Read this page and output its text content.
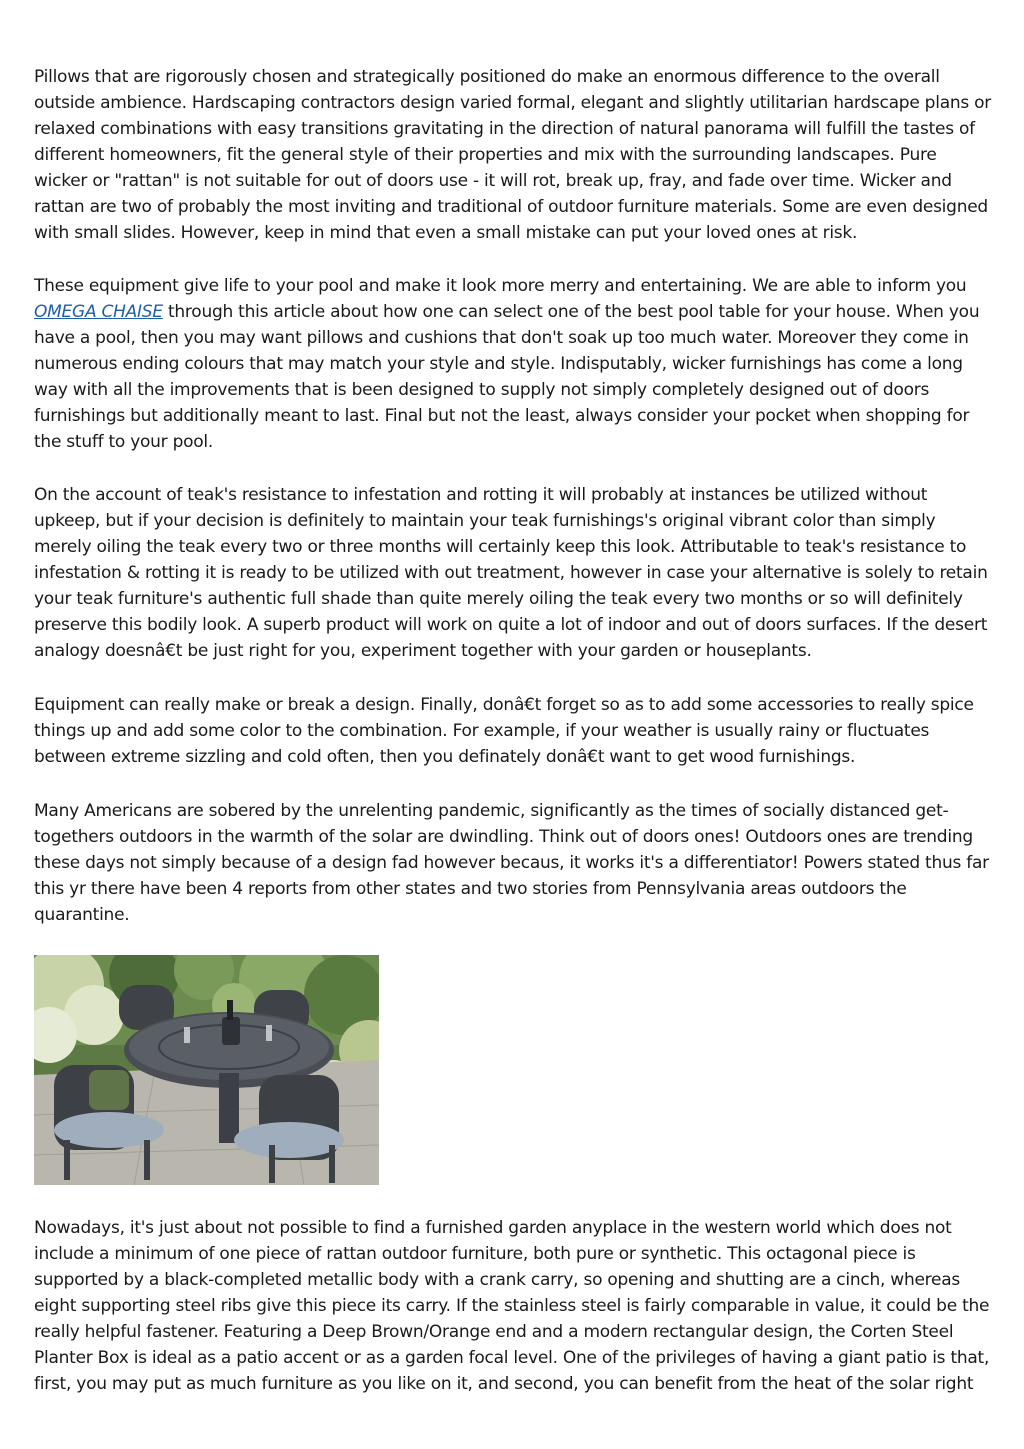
Pillows that are rigorously chosen and strategically positioned do make an enormous difference to the overall outside ambience. Hardscaping contractors design varied formal, elegant and slightly utilitarian hardscape plans or relaxed combinations with easy transitions gravitating in the direction of natural panorama will fulfill the tastes of different homeowners, fit the general style of their properties and mix with the surrounding landscapes. Pure wicker or "rattan" is not suitable for out of doors use - it will rot, break up, fray, and fade over time. Wicker and rattan are two of probably the most inviting and traditional of outdoor furniture materials. Some are even designed with small slides. However, keep in mind that even a small mistake can put your loved ones at risk.

These equipment give life to your pool and make it look more merry and entertaining. We are able to inform you OMEGA CHAISE through this article about how one can select one of the best pool table for your house. When you have a pool, then you may want pillows and cushions that don't soak up too much water. Moreover they come in numerous ending colours that may match your style and style. Indisputably, wicker furnishings has come a long way with all the improvements that is been designed to supply not simply completely designed out of doors furnishings but additionally meant to last. Final but not the least, always consider your pocket when shopping for the stuff to your pool.

On the account of teak's resistance to infestation and rotting it will probably at instances be utilized without upkeep, but if your decision is definitely to maintain your teak furnishings's original vibrant color than simply merely oiling the teak every two or three months will certainly keep this look. Attributable to teak's resistance to infestation & rotting it is ready to be utilized with out treatment, however in case your alternative is solely to retain your teak furniture's authentic full shade than quite merely oiling the teak every two months or so will definitely preserve this bodily look. A superb product will work on quite a lot of indoor and out of doors surfaces. If the desert analogy doesnâ€t be just right for you, experiment together with your garden or houseplants.

Equipment can really make or break a design. Finally, donâ€t forget so as to add some accessories to really spice things up and add some color to the combination. For example, if your weather is usually rainy or fluctuates between extreme sizzling and cold often, then you definately donâ€t want to get wood furnishings.

Many Americans are sobered by the unrelenting pandemic, significantly as the times of socially distanced get-togethers outdoors in the warmth of the solar are dwindling. Think out of doors ones! Outdoors ones are trending these days not simply because of a design fad however becaus, it works it's a differentiator! Powers stated thus far this yr there have been 4 reports from other states and two stories from Pennsylvania areas outdoors the quarantine.

Nowadays, it's just about not possible to find a furnished garden anyplace in the western world which does not include a minimum of one piece of rattan outdoor furniture, both pure or synthetic. This octagonal piece is supported by a black-completed metallic body with a crank carry, so opening and shutting are a cinch, whereas eight supporting steel ribs give this piece its carry. If the stainless steel is fairly comparable in value, it could be the really helpful fastener. Featuring a Deep Brown/Orange end and a modern rectangular design, the Corten Steel Planter Box is ideal as a patio accent or as a garden focal level. One of the privileges of having a giant patio is that, first, you may put as much furniture as you like on it, and second, you can benefit from the heat of the solar right
